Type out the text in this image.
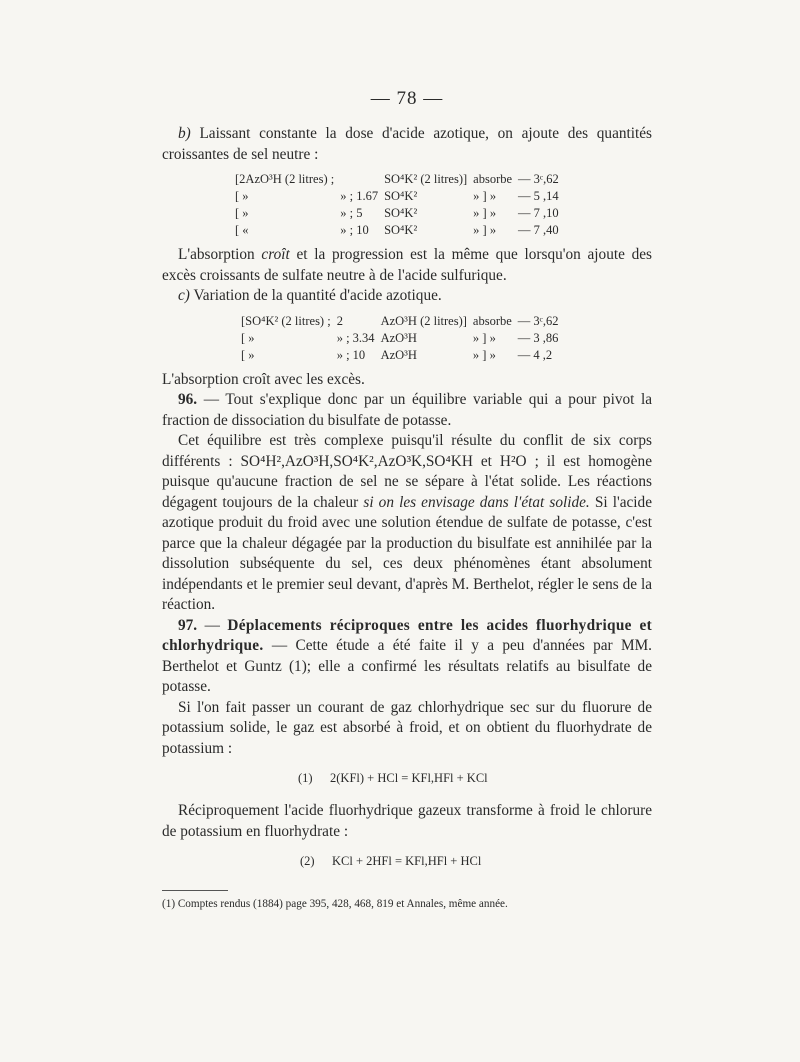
— 78 —

b) Laissant constante la dose d'acide azotique, on ajoute des quantités croissantes de sel neutre :

[2AzO³H (2 litres) ;		SO⁴K² (2 litres)]	absorbe	— 3ᶜ,62
[ »	» ; 1.67	SO⁴K²	» ] »	— 5 ,14
[ »	» ; 5	SO⁴K²	» ] »	— 7 ,10
[ «	» ; 10	SO⁴K²	» ] »	— 7 ,40

L'absorption croît et la progression est la même que lorsqu'on ajoute des excès croissants de sulfate neutre à de l'acide sulfurique.

c) Variation de la quantité d'acide azotique.

[SO⁴K² (2 litres) ;	2	AzO³H (2 litres)]	absorbe	— 3ᶜ,62
[ »	» ; 3.34	AzO³H	» ] »	— 3 ,86
[ »	» ; 10	AzO³H	» ] »	— 4 ,2

L'absorption croît avec les excès.

96. — Tout s'explique donc par un équilibre variable qui a pour pivot la fraction de dissociation du bisulfate de potasse.

Cet équilibre est très complexe puisqu'il résulte du conflit de six corps différents : SO⁴H²,AzO³H,SO⁴K²,AzO³K,SO⁴KH et H²O ; il est homogène puisque qu'aucune fraction de sel ne se sépare à l'état solide. Les réactions dégagent toujours de la chaleur si on les envisage dans l'état solide. Si l'acide azotique produit du froid avec une solution étendue de sulfate de potasse, c'est parce que la chaleur dégagée par la production du bisulfate est annihilée par la dissolution subséquente du sel, ces deux phénomènes étant absolument indépendants et le premier seul devant, d'après M. Berthelot, régler le sens de la réaction.

97. — Déplacements réciproques entre les acides fluorhydrique et chlorhydrique. — Cette étude a été faite il y a peu d'années par MM. Berthelot et Guntz (1); elle a confirmé les résultats relatifs au bisulfate de potasse.

Si l'on fait passer un courant de gaz chlorhydrique sec sur du fluorure de potassium solide, le gaz est absorbé à froid, et on obtient du fluorhydrate de potassium :

(1) 2(KFl) + HCl = KFl,HFl + KCl

Réciproquement l'acide fluorhydrique gazeux transforme à froid le chlorure de potassium en fluorhydrate :

(2) KCl + 2HFl = KFl,HFl + HCl

(1) Comptes rendus (1884) page 395, 428, 468, 819 et Annales, même année.
